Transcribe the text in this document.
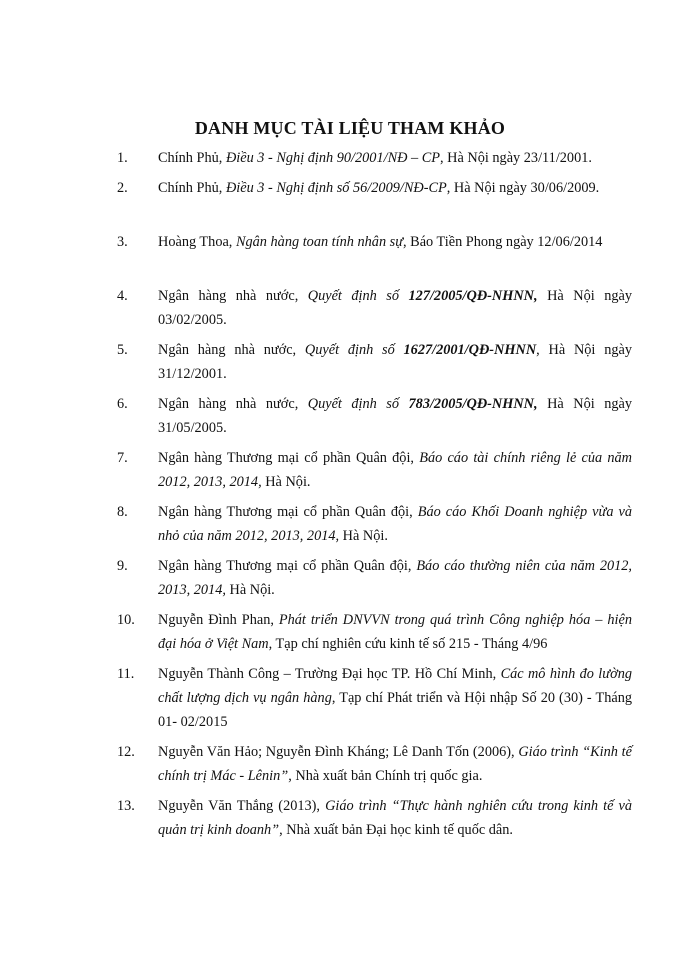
DANH MỤC TÀI LIỆU THAM KHẢO
1. Chính Phủ, Điều 3 - Nghị định 90/2001/NĐ – CP, Hà Nội ngày 23/11/2001.
2. Chính Phủ, Điều 3 - Nghị định số 56/2009/NĐ-CP, Hà Nội ngày 30/06/2009.
3. Hoàng Thoa, Ngân hàng toan tính nhân sự, Báo Tiền Phong ngày 12/06/2014
4. Ngân hàng nhà nước, Quyết định số 127/2005/QĐ-NHNN, Hà Nội ngày 03/02/2005.
5. Ngân hàng nhà nước, Quyết định số 1627/2001/QĐ-NHNN, Hà Nội ngày 31/12/2001.
6. Ngân hàng nhà nước, Quyết định số 783/2005/QĐ-NHNN, Hà Nội ngày 31/05/2005.
7. Ngân hàng Thương mại cổ phần Quân đội, Báo cáo tài chính riêng lẻ của năm 2012, 2013, 2014, Hà Nội.
8. Ngân hàng Thương mại cổ phần Quân đội, Báo cáo Khối Doanh nghiệp vừa và nhỏ của năm 2012, 2013, 2014, Hà Nội.
9. Ngân hàng Thương mại cổ phần Quân đội, Báo cáo thường niên của năm 2012, 2013, 2014, Hà Nội.
10. Nguyễn Đình Phan, Phát triển DNVVN trong quá trình Công nghiệp hóa – hiện đại hóa ở Việt Nam, Tạp chí nghiên cứu kinh tế số 215 - Tháng 4/96
11. Nguyễn Thành Công – Trường Đại học TP. Hồ Chí Minh, Các mô hình đo lường chất lượng dịch vụ ngân hàng, Tạp chí Phát triển và Hội nhập Số 20 (30) - Tháng 01- 02/2015
12. Nguyễn Văn Hảo; Nguyễn Đình Kháng; Lê Danh Tốn (2006), Giáo trình “Kinh tế chính trị Mác - Lênin”, Nhà xuất bản Chính trị quốc gia.
13. Nguyễn Văn Thắng (2013), Giáo trình “Thực hành nghiên cứu trong kinh tế và quản trị kinh doanh”, Nhà xuất bản Đại học kinh tế quốc dân.
